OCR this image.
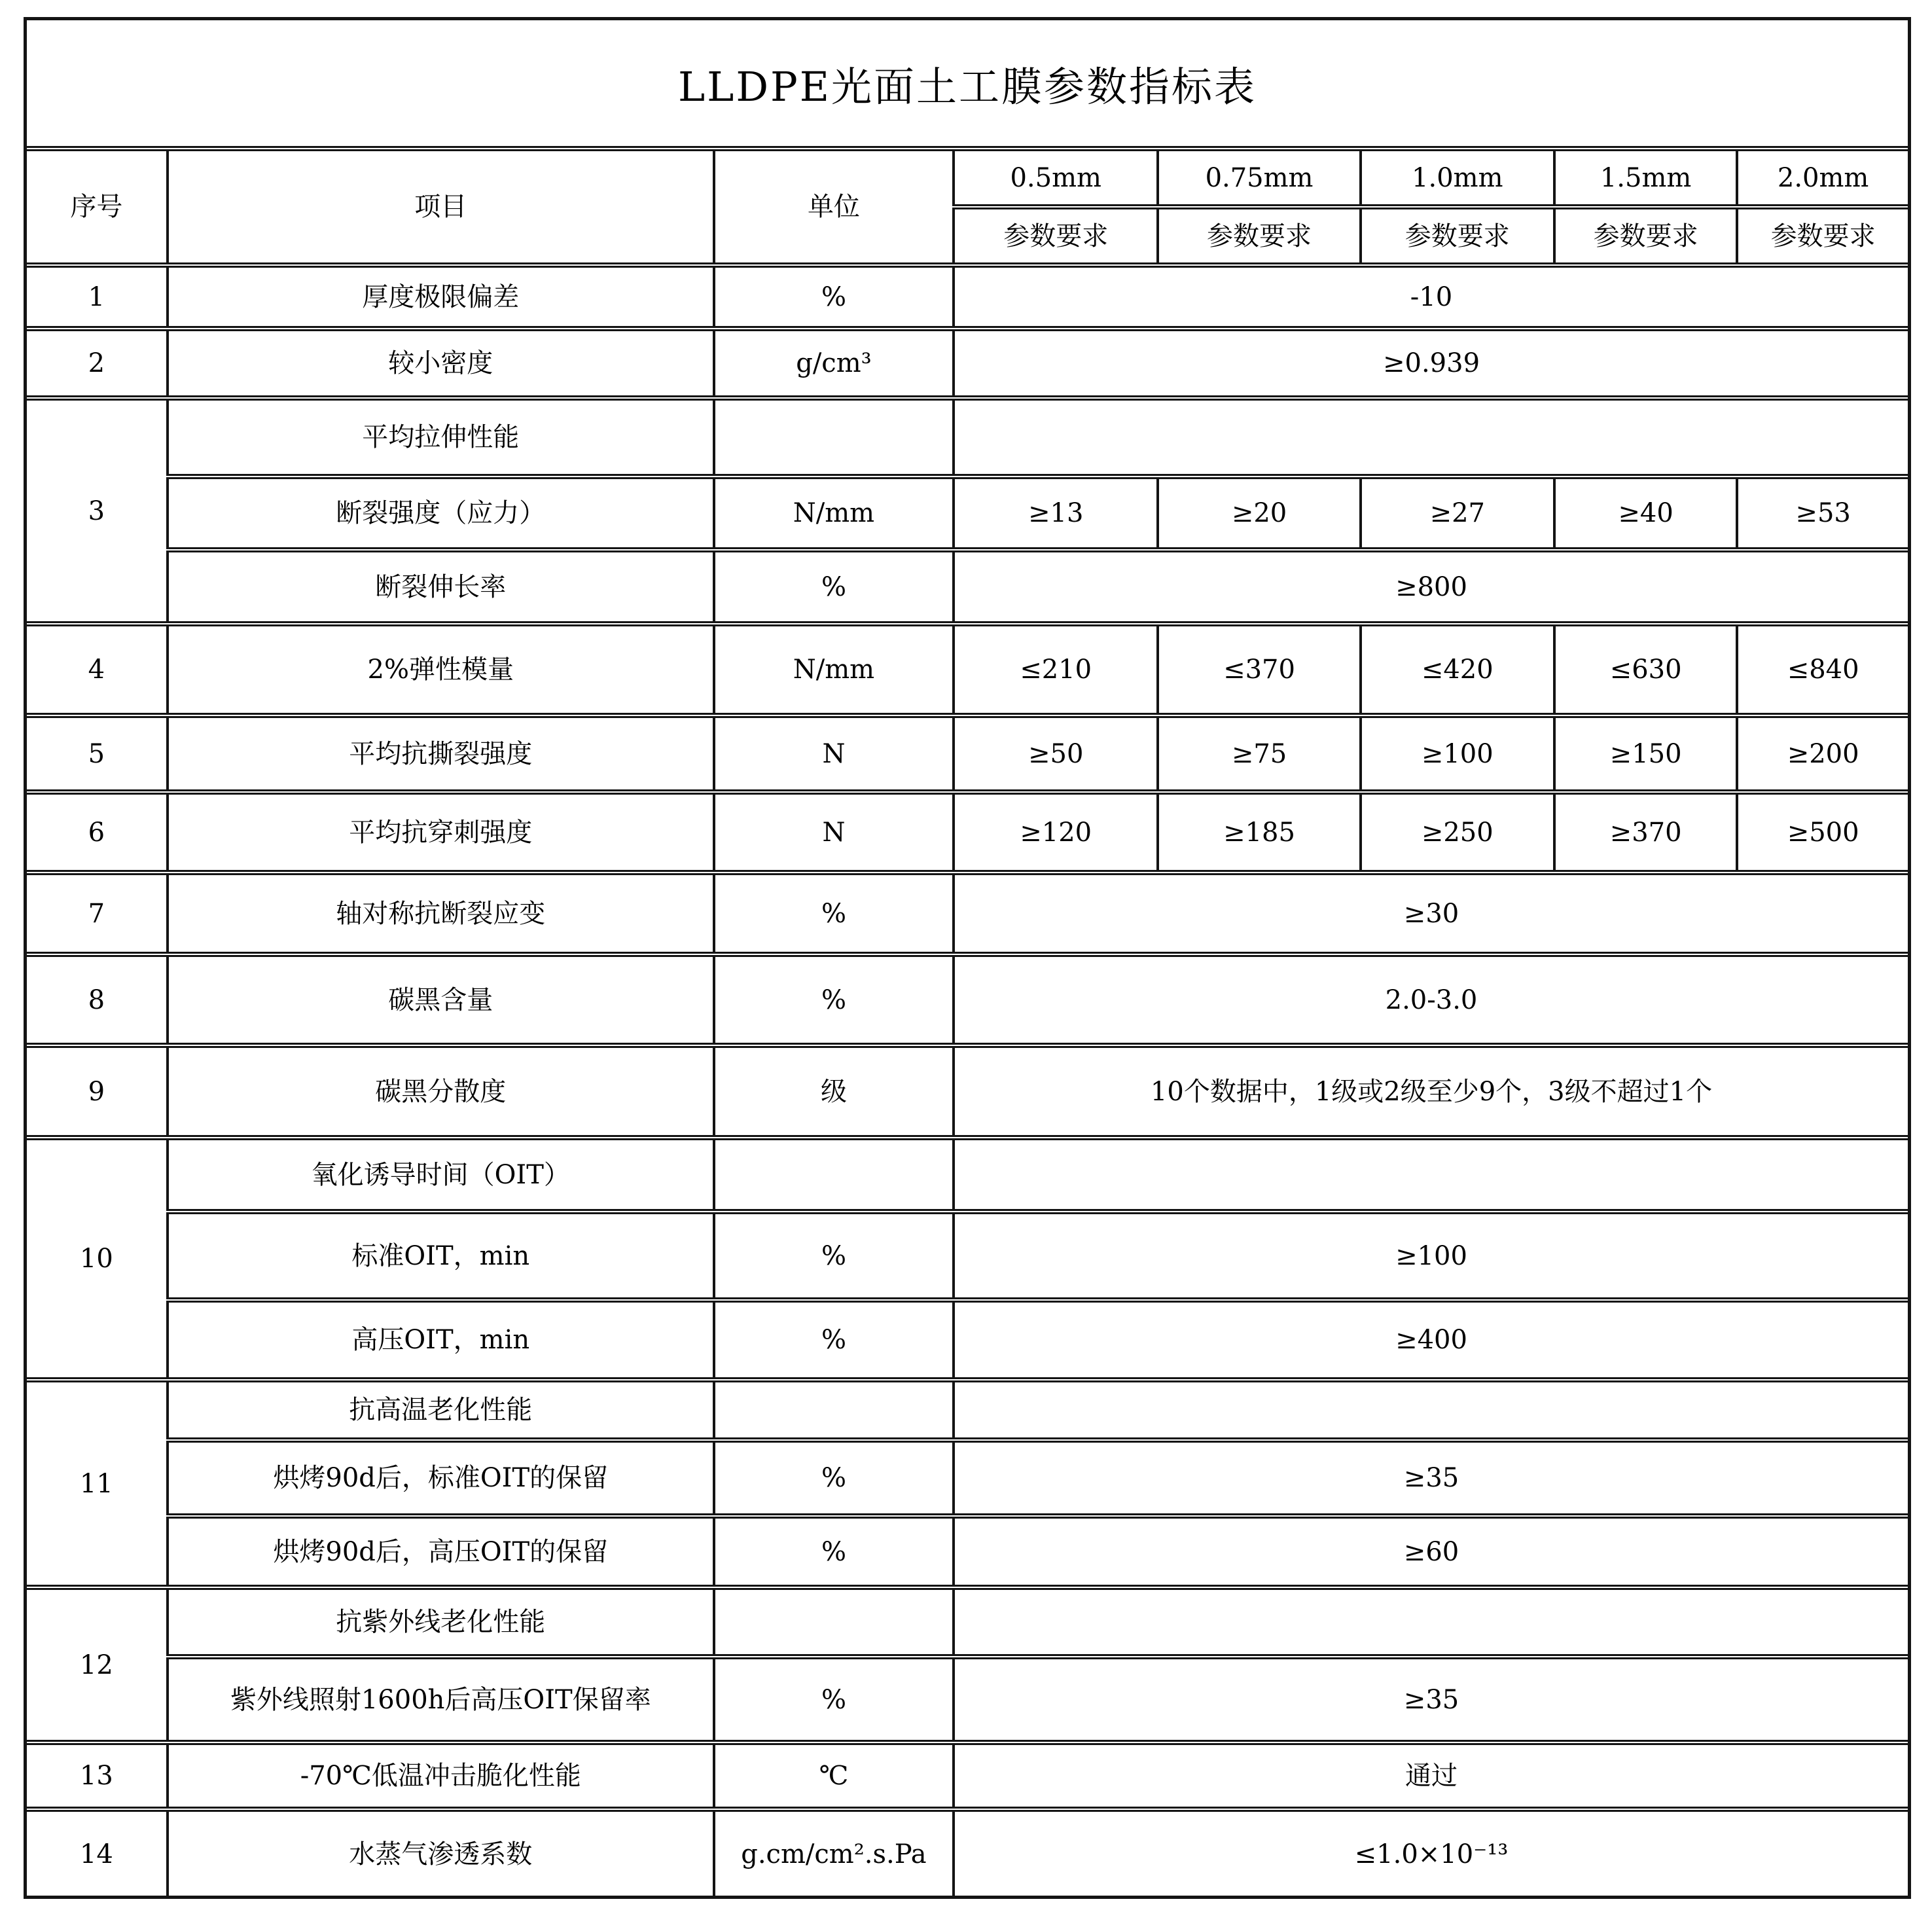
LLDPE光面土工膜参数指标表
序号	项目	单位	0.5mm	0.75mm	1.0mm	1.5mm	2.0mm
			参数要求	参数要求	参数要求	参数要求	参数要求
1	厚度极限偏差	%	-10				
2	较小密度	g/cm³	≥0.939				
3	平均拉伸性能						
	断裂强度（应力）	N/mm	≥13	≥20	≥27	≥40	≥53
	断裂伸长率	%	≥800				
4	2%弹性模量	N/mm	≤210	≤370	≤420	≤630	≤840
5	平均抗撕裂强度	N	≥50	≥75	≥100	≥150	≥200
6	平均抗穿刺强度	N	≥120	≥185	≥250	≥370	≥500
7	轴对称抗断裂应变	%	≥30				
8	碳黑含量	%	2.0-3.0				
9	碳黑分散度	级	10个数据中，1级或2级至少9个，3级不超过1个				
10	氧化诱导时间（OIT）						
	标准OIT，min	%	≥100				
	高压OIT，min	%	≥400				
11	抗高温老化性能						
	烘烤90d后，标准OIT的保留	%	≥35				
	烘烤90d后，高压OIT的保留	%	≥60				
12	抗紫外线老化性能						
	紫外线照射1600h后高压OIT保留率	%	≥35				
13	-70℃低温冲击脆化性能	℃	通过				
14	水蒸气渗透系数	g.cm/cm².s.Pa	≤1.0×10⁻¹³				
